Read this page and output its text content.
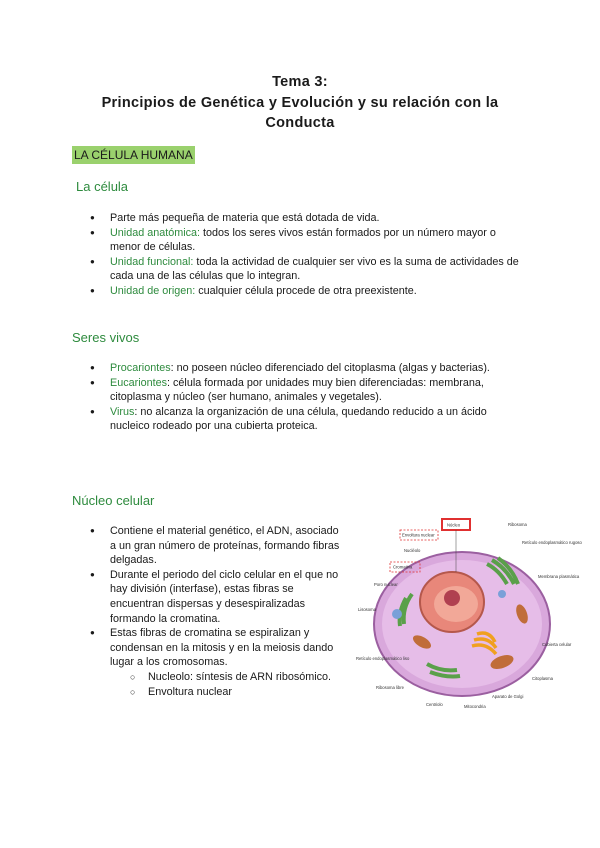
Tema 3:
Principios de Genética y Evolución y su relación con la
Conducta
LA CÉLULA HUMANA
La célula
● Parte más pequeña de materia que está dotada de vida.
● Unidad anatómica: todos los seres vivos están formados por un número mayor o menor de células.
● Unidad funcional: toda la actividad de cualquier ser vivo es la suma de actividades de cada una de las células que lo integran.
● Unidad de origen: cualquier célula procede de otra preexistente.
Seres vivos
● Procariontes: no poseen núcleo diferenciado del citoplasma (algas y bacterias).
● Eucariontes: célula formada por unidades muy bien diferenciadas: membrana, citoplasma y núcleo (ser humano, animales y vegetales).
● Virus: no alcanza la organización de una célula, quedando reducido a un ácido nucleico rodeado por una cubierta proteica.
Núcleo celular
● Contiene el material genético, el ADN, asociado a un gran número de proteínas, formando fibras delgadas.
● Durante el periodo del ciclo celular en el que no hay división (interfase), estas fibras se encuentran dispersas y desespiralizadas formando la cromatina.
● Estas fibras de cromatina se espiralizan y condensan en la mitosis y en la meiosis dando lugar a los cromosomas.
○ Nucleolo: síntesis de ARN ribosómico.
○ Envoltura nuclear
Núcleo
Envoltura nuclear
Nucléolo
Cromatina
Poro nuclear
Lisosoma
Retículo endoplasmático liso
Ribosoma libre
Centriolo	Mitocondria
Aparato de Golgi
Citoplasma
Cubierta celular
Membrana plasmática
Retículo endoplasmático rugoso
Ribosoma
